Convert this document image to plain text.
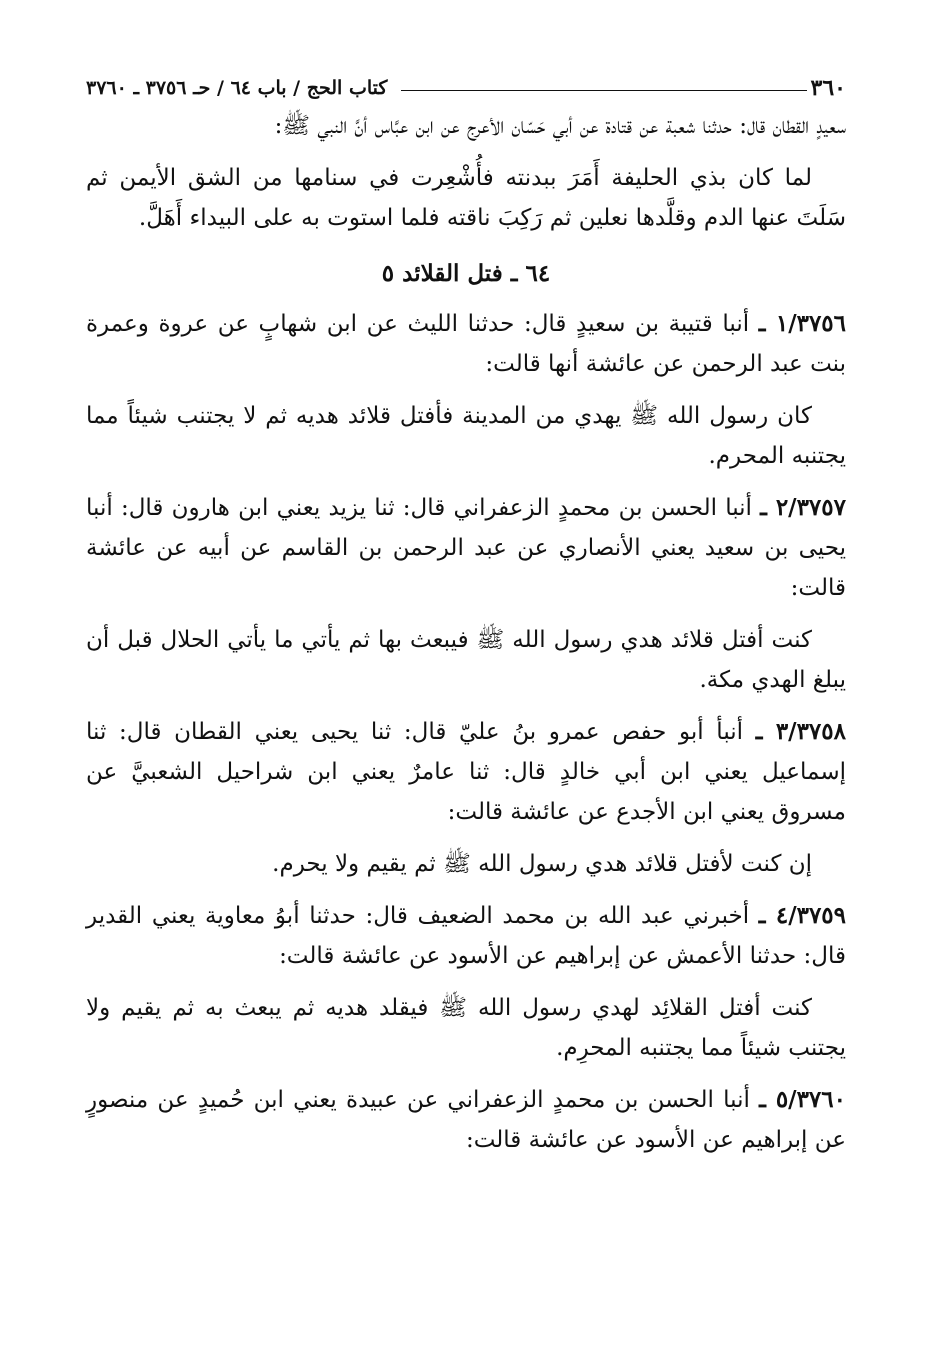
٣٦٠
كتاب الحج / باب ٦٤ / حـ ٣٧٥٦ ـ ٣٧٦٠

سعيدٍ القطان قال: حدثنا شعبة عن قتادة عن أبي حَسّان الأعرج عن ابن عبَّاس أنَّ النبي ﷺ:

لما كان بذي الحليفة أَمَرَ ببدنته فأُشْعِرت في سنامها من الشق الأيمن ثم سَلَتَ عنها الدم وقلَّدها نعلين ثم رَكِبَ ناقته فلما استوت به على البيداء أَهَلَّ.

٦٤ ـ فتل القلائد ٥

١/٣٧٥٦ ـ أنبا قتيبة بن سعيدٍ قال: حدثنا الليث عن ابن شهابٍ عن عروة وعمرة بنت عبد الرحمن عن عائشة أنها قالت:

كان رسول الله ﷺ يهدي من المدينة فأفتل قلائد هديه ثم لا يجتنب شيئاً مما يجتنبه المحرم.

٢/٣٧٥٧ ـ أنبا الحسن بن محمدٍ الزعفراني قال: ثنا يزيد يعني ابن هارون قال: أنبا يحيى بن سعيد يعني الأنصاري عن عبد الرحمن بن القاسم عن أبيه عن عائشة قالت:

كنت أفتل قلائد هدي رسول الله ﷺ فيبعث بها ثم يأتي ما يأتي الحلال قبل أن يبلغ الهدي مكة.

٣/٣٧٥٨ ـ أنبأ أبو حفص عمرو بنُ عليّ قال: ثنا يحيى يعني القطان قال: ثنا إسماعيل يعني ابن أبي خالدٍ قال: ثنا عامرٌ يعني ابن شراحيل الشعبيَّ عن مسروق يعني ابن الأجدع عن عائشة قالت:

إن كنت لأفتل قلائد هدي رسول الله ﷺ ثم يقيم ولا يحرم.

٤/٣٧٥٩ ـ أخبرني عبد الله بن محمد الضعيف قال: حدثنا أبوُ معاوية يعني القدير قال: حدثنا الأعمش عن إبراهيم عن الأسود عن عائشة قالت:

كنت أفتل القلائِد لهدي رسول الله ﷺ فيقلد هديه ثم يبعث به ثم يقيم ولا يجتنب شيئاً مما يجتنبه المحرِم.

٥/٣٧٦٠ ـ أنبا الحسن بن محمدٍ الزعفراني عن عبيدة يعني ابن حُميدٍ عن منصورٍ عن إبراهيم عن الأسود عن عائشة قالت:
